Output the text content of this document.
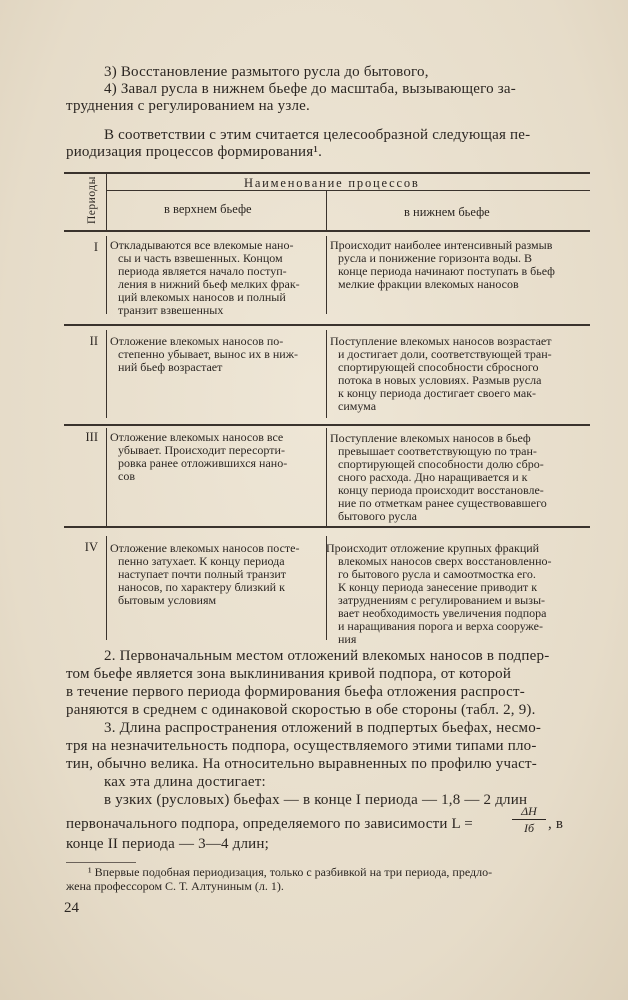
3) Восстановление размытого русла до бытового,
4) Завал русла в нижнем бьефе до масштаба, вызывающего за-
труднения с регулированием на узле.
В соответствии с этим считается целесообразной следующая пе-
риодизация процессов формирования¹.
Периоды	Наименование процессов
в верхнем бьефе	в нижнем бьефе
I Откладываются все влекомые нано-
сы и часть взвешенных. Концом
периода является начало поступ-
ления в нижний бьеф мелких фрак-
ций влекомых наносов и полный
транзит взвешенных
Происходит наиболее интенсивный размыв
русла и понижение горизонта воды. В
конце периода начинают поступать в бьеф
мелкие фракции влекомых наносов
II Отложение влекомых наносов по-
степенно убывает, вынос их в ниж-
ний бьеф возрастает
Поступление влекомых наносов возрастает
и достигает доли, соответствующей тран-
спортирующей способности сбросного
потока в новых условиях. Размыв русла
к концу периода достигает своего мак-
симума
III Отложение влекомых наносов все
убывает. Происходит пересорти-
ровка ранее отложившихся нано-
сов
Поступление влекомых наносов в бьеф
превышает соответствующую по тран-
спортирующей способности долю сбро-
сного расхода. Дно наращивается и к
концу периода происходит восстановле-
ние по отметкам ранее существовавшего
бытового русла
IV Отложение влекомых наносов посте-
пенно затухает. К концу периода
наступает почти полный транзит
наносов, по характеру близкий к
бытовым условиям
Происходит отложение крупных фракций
влекомых наносов сверх восстановленно-
го бытового русла и самоотмостка его.
К концу периода занесение приводит к
затруднениям с регулированием и вызы-
вает необходимость увеличения подпора
и наращивания порога и верха сооруже-
ния
2. Первоначальным местом отложений влекомых наносов в подпер-
том бьефе является зона выклинивания кривой подпора, от которой
в течение первого периода формирования бьефа отложения распрост-
раняются в среднем с одинаковой скоростью в обе стороны (табл. 2, 9).
3. Длина распространения отложений в подпертых бьефах, несмо-
тря на незначительность подпора, осуществляемого этими типами пло-
тин, обычно велика. На относительно выравненных по профилю участ-
ках эта длина достигает:
в узких (русловых) бьефах — в конце I периода — 1,8 — 2 длин
первоначального подпора, определяемого по зависимости L =
ΔH
Iб , в
конце II периода — 3—4 длин;
¹ Впервые подобная периодизация, только с разбивкой на три периода, предло-
жена профессором С. Т. Алтуниным (л. 1).
24
